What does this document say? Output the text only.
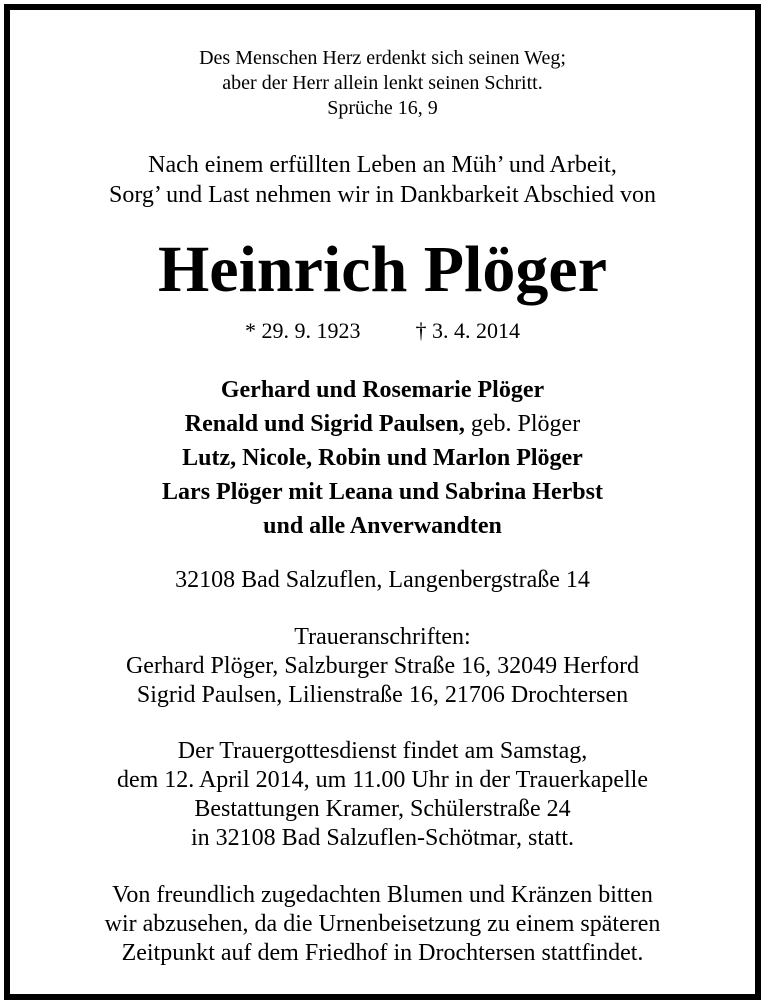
Des Menschen Herz erdenkt sich seinen Weg;
aber der Herr allein lenkt seinen Schritt.
Sprüche 16, 9
Nach einem erfüllten Leben an Müh’ und Arbeit,
Sorg’ und Last nehmen wir in Dankbarkeit Abschied von
Heinrich Plöger
* 29. 9. 1923	† 3. 4. 2014
Gerhard und Rosemarie Plöger
Renald und Sigrid Paulsen, geb. Plöger
Lutz, Nicole, Robin und Marlon Plöger
Lars Plöger mit Leana und Sabrina Herbst
und alle Anverwandten
32108 Bad Salzuflen, Langenbergstraße 14
Traueranschriften:
Gerhard Plöger, Salzburger Straße 16, 32049 Herford
Sigrid Paulsen, Lilienstraße 16, 21706 Drochtersen
Der Trauergottesdienst findet am Samstag,
dem 12. April 2014, um 11.00 Uhr in der Trauerkapelle
Bestattungen Kramer, Schülerstraße 24
in 32108 Bad Salzuflen-Schötmar, statt.
Von freundlich zugedachten Blumen und Kränzen bitten
wir abzusehen, da die Urnenbeisetzung zu einem späteren
Zeitpunkt auf dem Friedhof in Drochtersen stattfindet.
